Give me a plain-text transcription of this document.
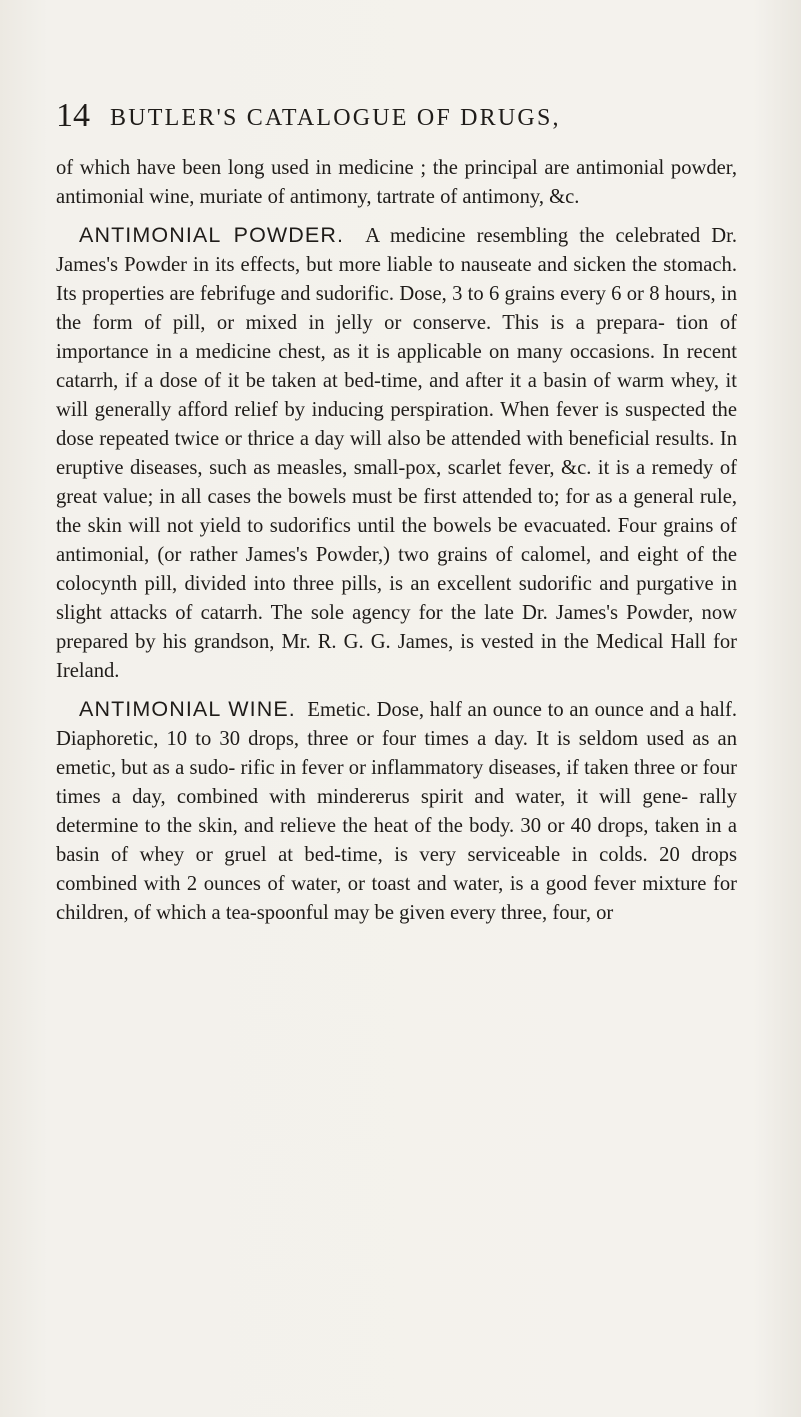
14 BUTLER'S CATALOGUE OF DRUGS,

of which have been long used in medicine ; the principal are antimonial powder, antimonial wine, muriate of antimony, tartrate of antimony, &c.

ANTIMONIAL POWDER. A medicine resembling the celebrated Dr. James's Powder in its effects, but more liable to nauseate and sicken the stomach. Its properties are febrifuge and sudorific. Dose, 3 to 6 grains every 6 or 8 hours, in the form of pill, or mixed in jelly or conserve. This is a prepara- tion of importance in a medicine chest, as it is applicable on many occasions. In recent catarrh, if a dose of it be taken at bed-time, and after it a basin of warm whey, it will generally afford relief by inducing perspiration. When fever is suspected the dose repeated twice or thrice a day will also be attended with beneficial results. In eruptive diseases, such as measles, small-pox, scarlet fever, &c. it is a remedy of great value; in all cases the bowels must be first attended to; for as a general rule, the skin will not yield to sudorifics until the bowels be evacuated. Four grains of antimonial, (or rather James's Powder,) two grains of calomel, and eight of the colocynth pill, divided into three pills, is an excellent sudorific and purgative in slight attacks of catarrh. The sole agency for the late Dr. James's Powder, now prepared by his grandson, Mr. R. G. G. James, is vested in the Medical Hall for Ireland.

ANTIMONIAL WINE. Emetic. Dose, half an ounce to an ounce and a half. Diaphoretic, 10 to 30 drops, three or four times a day. It is seldom used as an emetic, but as a sudo- rific in fever or inflammatory diseases, if taken three or four times a day, combined with mindererus spirit and water, it will gene- rally determine to the skin, and relieve the heat of the body. 30 or 40 drops, taken in a basin of whey or gruel at bed-time, is very serviceable in colds. 20 drops combined with 2 ounces of water, or toast and water, is a good fever mixture for children, of which a tea-spoonful may be given every three, four, or
